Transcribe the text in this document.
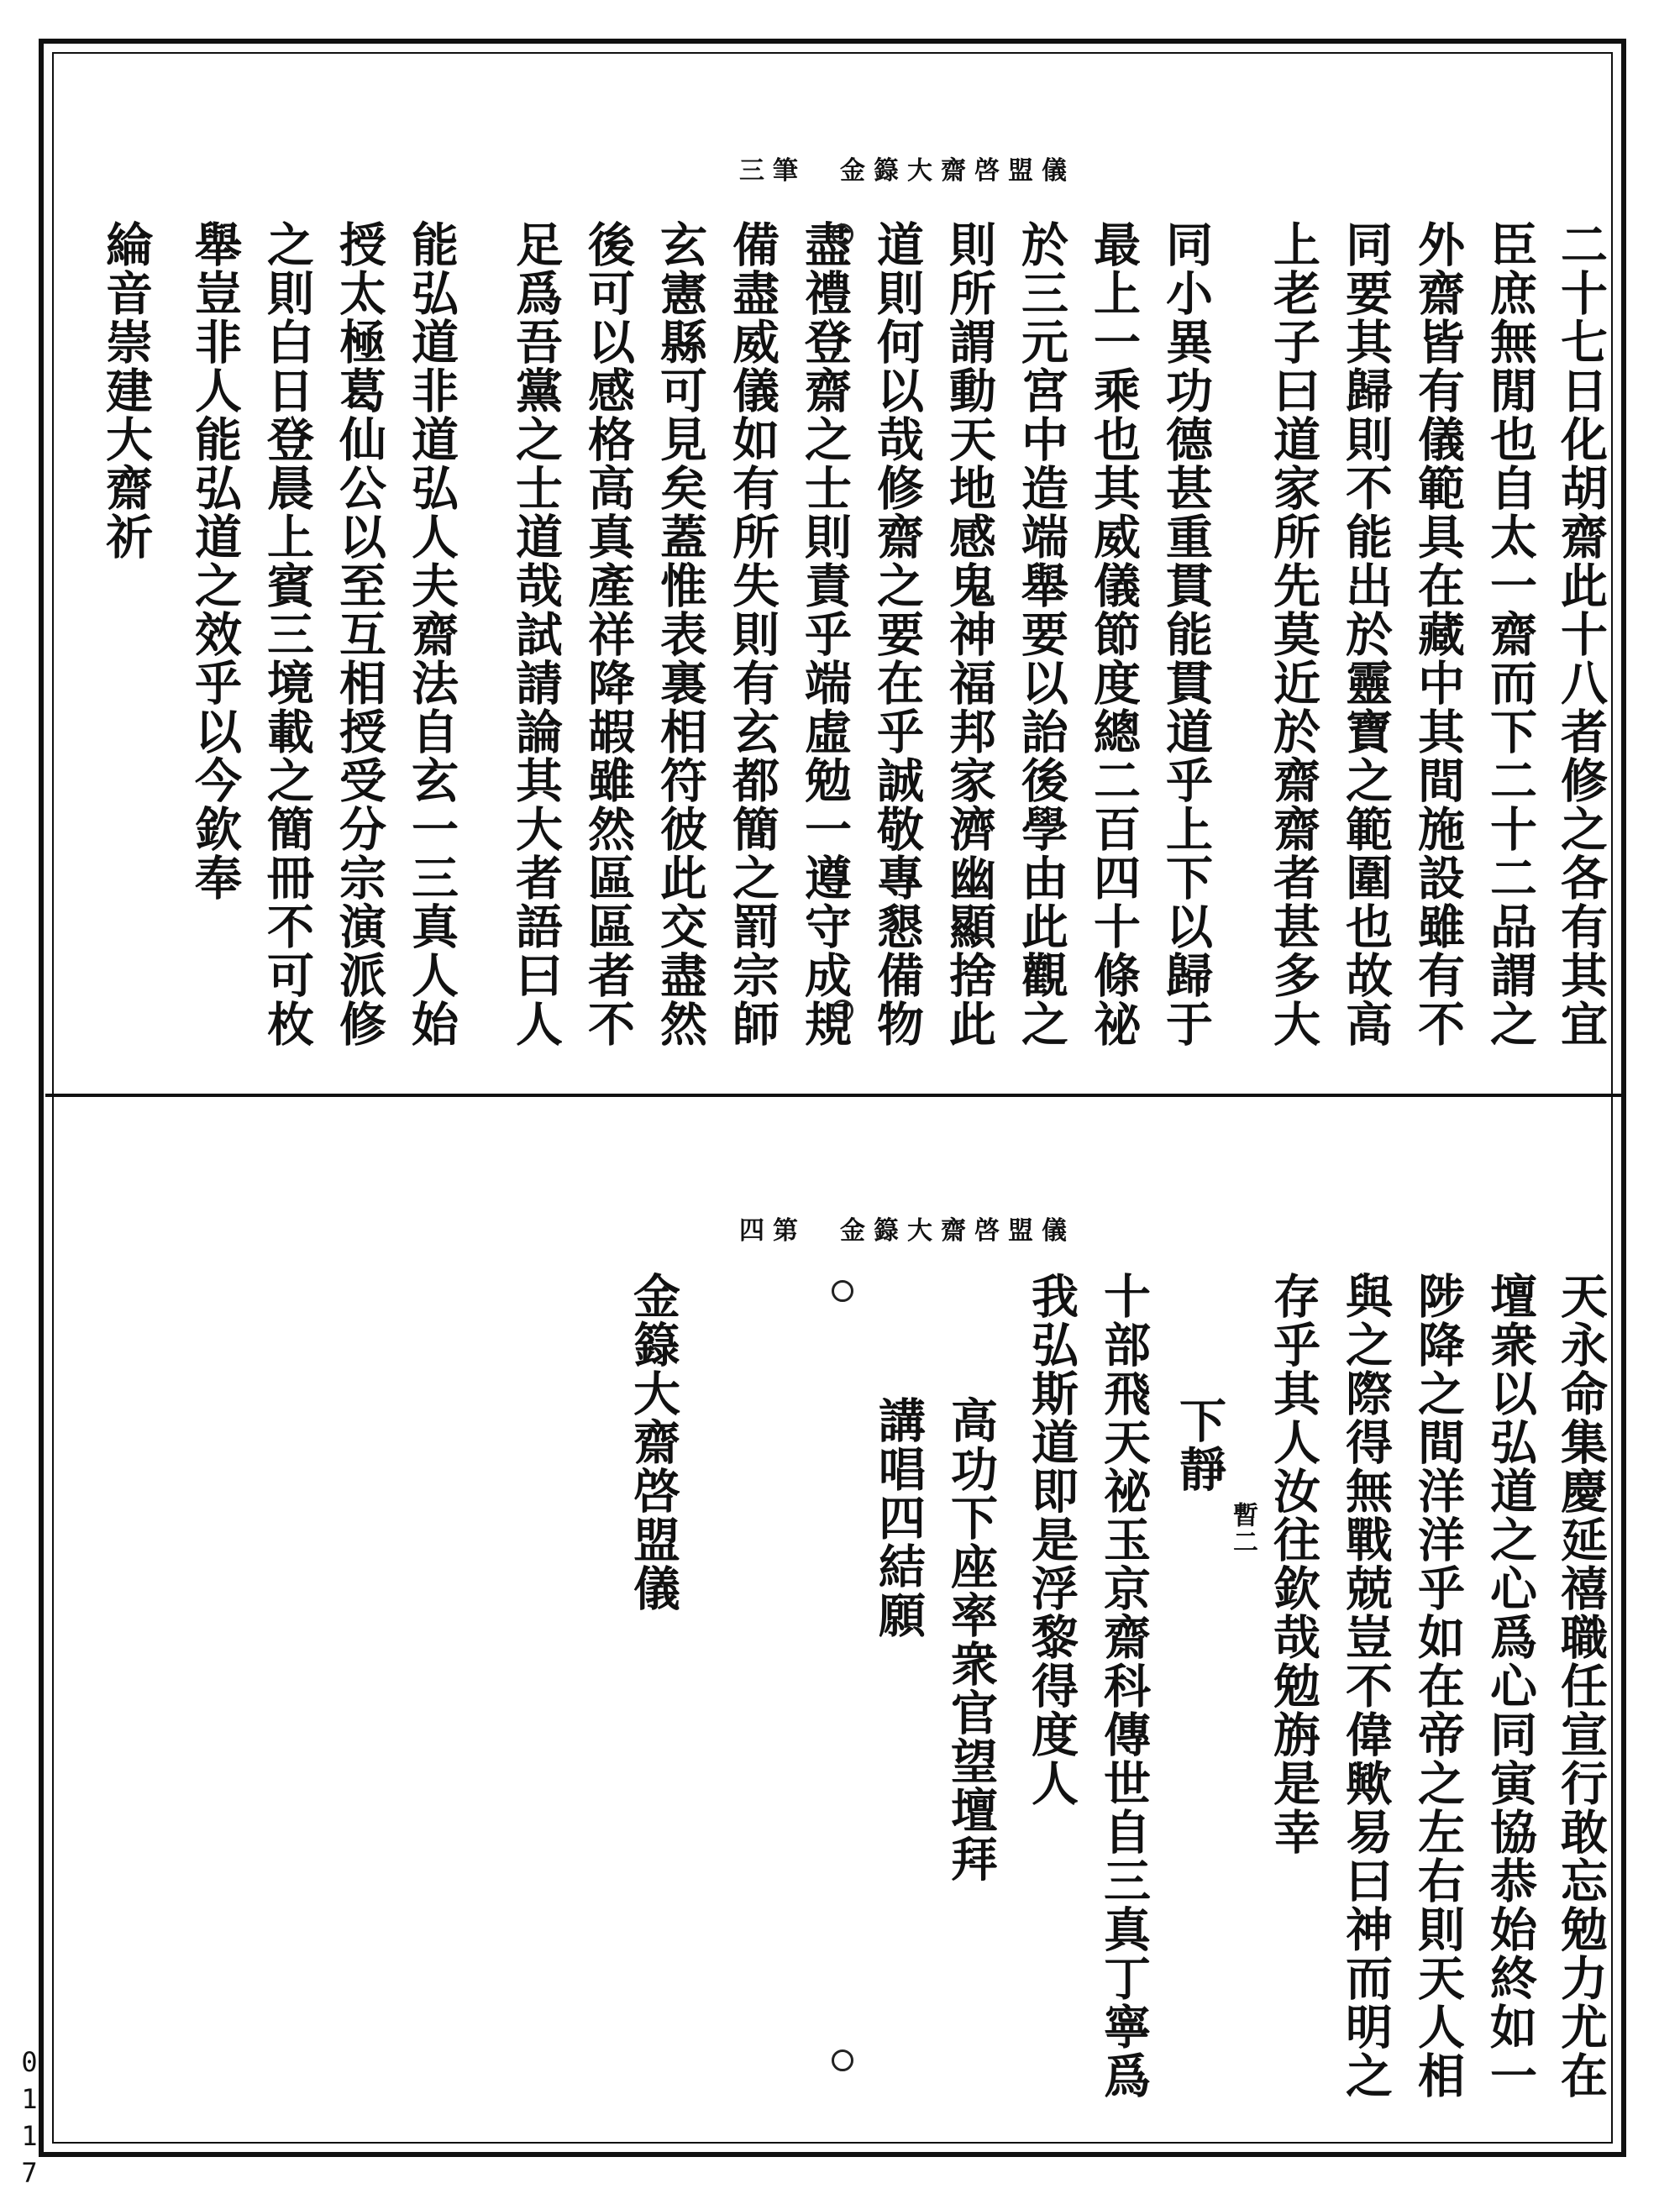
金籙大齋啓盟儀
三筆
二十七日化胡齋此十八者修之各有其宜
臣庶無閒也自太一齋而下二十二品謂之
外齋皆有儀範具在藏中其間施設雖有不
同要其歸則不能出於靈寶之範圍也故高
上老子曰道家所先莫近於齋齋者甚多大
同小異功德甚重貫能貫道乎上下以歸于
最上一乘也其威儀節度總二百四十條祕
於三元宮中造端舉要以詒後學由此觀之
則所謂動天地感鬼神福邦家濟幽顯捨此
道則何以哉修齋之要在乎誠敬專懇備物
盡禮登齋之士則責乎端虛勉一遵守成規
備盡威儀如有所失則有玄都簡之罰宗師
玄憲縣可見矣蓋惟表裏相符彼此交盡然
後可以感格高真產祥降嘏雖然區區者不
足爲吾黨之士道哉試請論其大者語曰人
能弘道非道弘人夫齋法自玄一三真人始
授太極葛仙公以至互相授受分宗演派修
之則白日登晨上賓三境載之簡冊不可枚
舉豈非人能弘道之效乎以今欽奉
綸音崇建大齋祈
金籙大齋啓盟儀
四第
天永命集慶延禧職任宣行敢忘勉力尤在
壇衆以弘道之心爲心同寅協恭始終如一
陟降之間洋洋乎如在帝之左右則天人相
與之際得無戰兢豈不偉歟易曰神而明之
存乎其人汝往欽哉勉旃是幸
暫二
下靜
十部飛天祕玉京齋科傳世自三真丁寧爲
我弘斯道即是浮黎得度人
高功下座率衆官望壇拜
講唱四結願
金籙大齋啓盟儀
0117
